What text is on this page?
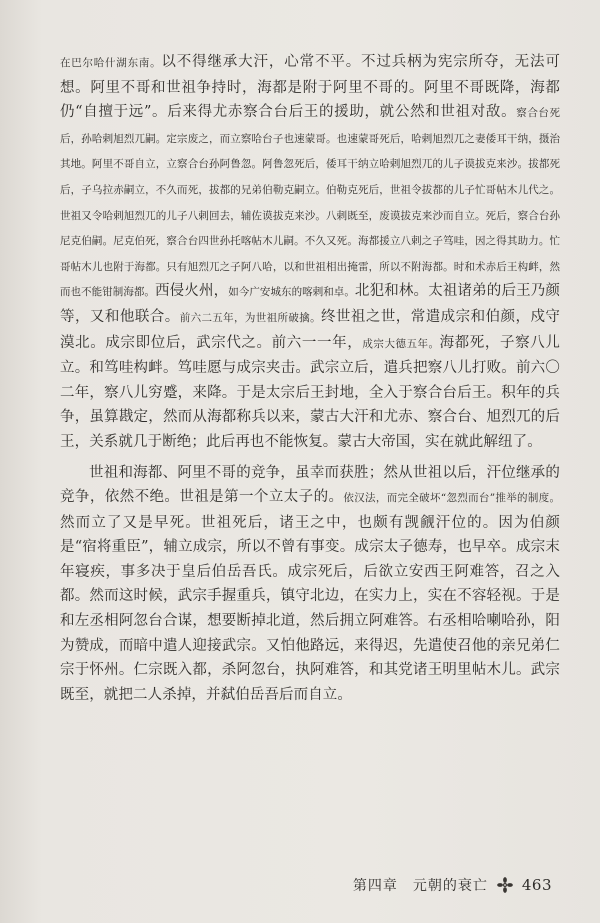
在巴尔哈什湖东南。以不得继承大汗，心常不平。不过兵柄为宪宗所夺，无法可想。阿里不哥和世祖争持时，海都是附于阿里不哥的。阿里不哥既降，海都仍“自擅于远”。后来得尤赤察合台后王的援助，就公然和世祖对敌。察合台死后，孙哈剌旭烈兀嗣。定宗废之，而立察哈台子也速蒙哥。也速蒙哥死后，哈剌旭烈兀之妻倭耳干纳，摄治其地。阿里不哥自立，立察合台孙阿鲁忽。阿鲁忽死后，倭耳干纳立哈剌旭烈兀的儿子谟拔克来沙。拔都死后，子乌拉赤嗣立，不久而死，拔都的兄弟伯勒克嗣立。伯勒克死后，世祖令拔都的儿子忙哥帖木儿代之。世祖又令哈剌旭烈兀的儿子八剌回去，辅佐谟拔克来沙。八剌既至，废谟拔克来沙而自立。死后，察合台孙尼克伯嗣。尼克伯死，察合台四世孙托喀帖木儿嗣。不久又死。海都援立八剌之子笃哇，因之得其助力。忙哥帖木儿也附于海都。只有旭烈兀之子阿八哈，以和世祖相出掩雷，所以不附海都。时和术赤后王构衅，然而也不能钳制海都。西侵火州，如今广安城东的喀剌和卓。北犯和林。太祖诸弟的后王乃颜等，又和他联合。前六二五年，为世祖所破擒。终世祖之世，常遣成宗和伯颜，戍守漠北。成宗即位后，武宗代之。前六一一年，成宗大德五年。海都死，子察八儿立。和笃哇构衅。笃哇愿与成宗夹击。武宗立后，遣兵把察八儿打败。前六〇二年，察八儿穷蹙，来降。于是太宗后王封地，全入于察合台后王。积年的兵争，虽算戡定，然而从海都称兵以来，蒙古大汗和尤赤、察合台、旭烈兀的后王，关系就几于断绝；此后再也不能恢复。蒙古大帝国，实在就此解纽了。

世祖和海都、阿里不哥的竞争，虽幸而获胜；然从世祖以后，汗位继承的竞争，依然不绝。世祖是第一个立太子的。依汉法，而完全破坏“忽烈而台”推举的制度。然而立了又是早死。世祖死后，诸王之中，也颇有觊觎汗位的。因为伯颜是“宿将重臣”，辅立成宗，所以不曾有事变。成宗太子德寿，也早卒。成宗末年寝疾，事多决于皇后伯岳吾氏。成宗死后，后欲立安西王阿难答，召之入都。然而这时候，武宗手握重兵，镇守北边，在实力上，实在不容轻视。于是和左丞相阿忽台合谋，想要断掉北道，然后拥立阿难答。右丞相哈喇哈孙，阳为赞成，而暗中遣人迎接武宗。又怕他路远，来得迟，先遣使召他的亲兄弟仁宗于怀州。仁宗既入都，杀阿忽台，执阿难答，和其党诸王明里帖木儿。武宗既至，就把二人杀掉，并弑伯岳吾后而自立。

第四章　元朝的衰亡 463
